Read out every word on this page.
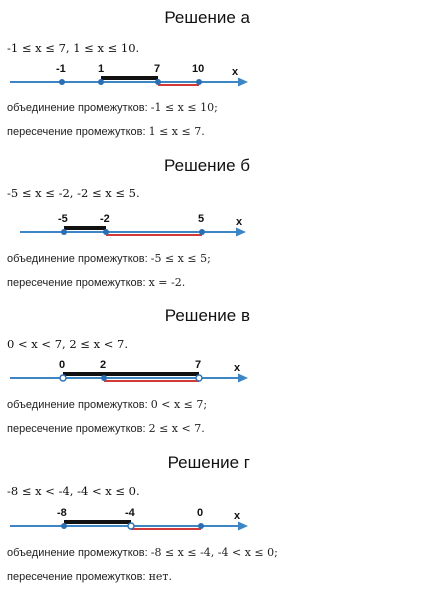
Решение а
-1 ≤ x ≤ 7, 1 ≤ x ≤ 10.
x
-1	1	7	10
объединение промежутков: -1 ≤ x ≤ 10;
пересечение промежутков: 1 ≤ x ≤ 7.
Решение б
-5 ≤ x ≤ -2, -2 ≤ x ≤ 5.
x
-5	-2	5
объединение промежутков: -5 ≤ x ≤ 5;
пересечение промежутков: x = -2.
Решение в
0 < x < 7, 2 ≤ x < 7.
x
0	2	7
объединение промежутков: 0 < x ≤ 7;
пересечение промежутков: 2 ≤ x < 7.
Решение г
-8 ≤ x < -4, -4 < x ≤ 0.
x
-8	-4	0
объединение промежутков: -8 ≤ x ≤ -4, -4 < x ≤ 0;
пересечение промежутков: нет.
